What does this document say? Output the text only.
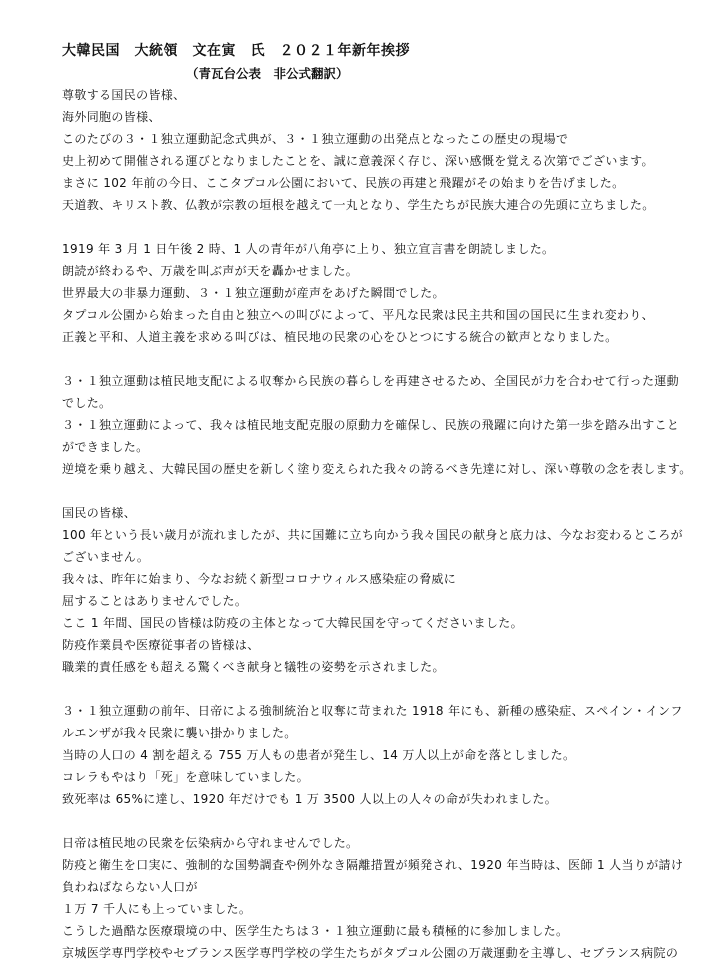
大韓民国　大統領　文在寅　氏　２０２１年新年挨拶
（青瓦台公表　非公式翻訳）
尊敬する国民の皆様、
海外同胞の皆様、
このたびの３・１独立運動記念式典が、３・１独立運動の出発点となったこの歴史の現場で
史上初めて開催される運びとなりましたことを、誠に意義深く存じ、深い感慨を覚える次第でございます。
まさに 102 年前の今日、ここタプコル公園において、民族の再建と飛躍がその始まりを告げました。
天道教、キリスト教、仏教が宗教の垣根を越えて一丸となり、学生たちが民族大連合の先頭に立ちました。
1919 年 3 月 1 日午後 2 時、1 人の青年が八角亭に上り、独立宣言書を朗読しました。
朗読が終わるや、万歳を叫ぶ声が天を轟かせました。
世界最大の非暴力運動、３・１独立運動が産声をあげた瞬間でした。
タプコル公園から始まった自由と独立への叫びによって、平凡な民衆は民主共和国の国民に生まれ変わり、
正義と平和、人道主義を求める叫びは、植民地の民衆の心をひとつにする統合の歓声となりました。
３・１独立運動は植民地支配による収奪から民族の暮らしを再建させるため、全国民が力を合わせて行った運動
でした。
３・１独立運動によって、我々は植民地支配克服の原動力を確保し、民族の飛躍に向けた第一歩を踏み出すこと
ができました。
逆境を乗り越え、大韓民国の歴史を新しく塗り変えられた我々の誇るべき先達に対し、深い尊敬の念を表します。
国民の皆様、
100 年という長い歳月が流れましたが、共に国難に立ち向かう我々国民の献身と底力は、今なお変わるところが
ございません。
我々は、昨年に始まり、今なお続く新型コロナウィルス感染症の脅威に
屈することはありませんでした。
ここ 1 年間、国民の皆様は防疫の主体となって大韓民国を守ってくださいました。
防疫作業員や医療従事者の皆様は、
職業的責任感をも超える驚くべき献身と犠牲の姿勢を示されました。
３・１独立運動の前年、日帝による強制統治と収奪に苛まれた 1918 年にも、新種の感染症、スペイン・インフ
ルエンザが我々民衆に襲い掛かりました。
当時の人口の 4 割を超える 755 万人もの患者が発生し、14 万人以上が命を落としました。
コレラもやはり「死」を意味していました。
致死率は 65%に達し、1920 年だけでも 1 万 3500 人以上の人々の命が失われました。
日帝は植民地の民衆を伝染病から守れませんでした。
防疫と衛生を口実に、強制的な国勢調査や例外なき隔離措置が頻発され、1920 年当時は、医師 1 人当りが請け
負わねばならない人口が
１万 7 千人にも上っていました。
こうした過酷な医療環境の中、医学生たちは３・１独立運動に最も積極的に参加しました。
京城医学専門学校やセブランス医学専門学校の学生たちがタプコル公園の万歳運動を主導し、セブランス病院の
